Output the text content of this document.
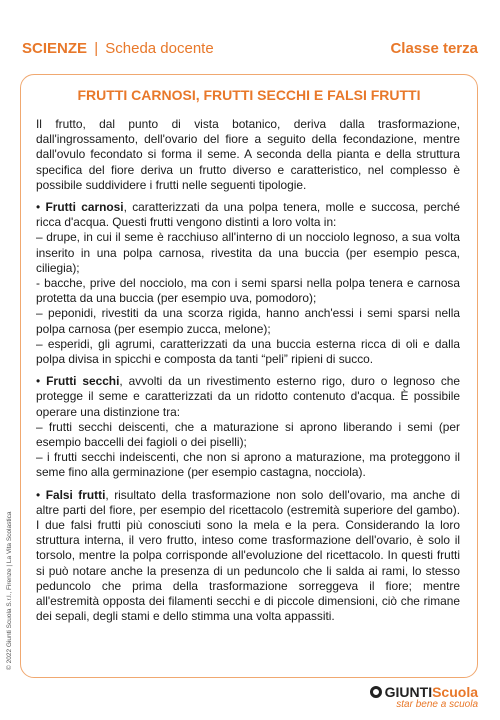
SCIENZE | Scheda docente	Classe terza
FRUTTI CARNOSI, FRUTTI SECCHI E FALSI FRUTTI

Il frutto, dal punto di vista botanico, deriva dalla trasformazione, dall'ingrossamento, dell'ovario del fiore a seguito della fecondazione, mentre dall'ovulo fecondato si forma il seme. A seconda della pianta e della struttura specifica del fiore deriva un frutto diverso e caratteristico, nel complesso è possibile suddividere i frutti nelle seguenti tipologie.

• Frutti carnosi, caratterizzati da una polpa tenera, molle e succosa, perché ricca d'acqua. Questi frutti vengono distinti a loro volta in:
– drupe, in cui il seme è racchiuso all'interno di un nocciolo legnoso, a sua volta inserito in una polpa carnosa, rivestita da una buccia (per esempio pesca, ciliegia);
- bacche, prive del nocciolo, ma con i semi sparsi nella polpa tenera e carnosa protetta da una buccia (per esempio uva, pomodoro);
– peponidi, rivestiti da una scorza rigida, hanno anch'essi i semi sparsi nella polpa carnosa (per esempio zucca, melone);
– esperidi, gli agrumi, caratterizzati da una buccia esterna ricca di oli e dalla polpa divisa in spicchi e composta da tanti “peli” ripieni di succo.

• Frutti secchi, avvolti da un rivestimento esterno rigo, duro o legnoso che protegge il seme e caratterizzati da un ridotto contenuto d'acqua. È possibile operare una distinzione tra:
– frutti secchi deiscenti, che a maturazione si aprono liberando i semi (per esempio baccelli dei fagioli o dei piselli);
– i frutti secchi indeiscenti, che non si aprono a maturazione, ma proteggono il seme fino alla germinazione (per esempio castagna, nocciola).

• Falsi frutti, risultato della trasformazione non solo dell'ovario, ma anche di altre parti del fiore, per esempio del ricettacolo (estremità superiore del gambo). I due falsi frutti più conosciuti sono la mela e la pera. Considerando la loro struttura interna, il vero frutto, inteso come trasformazione dell'ovario, è solo il torsolo, mentre la polpa corrisponde all'evoluzione del ricettacolo. In questi frutti si può notare anche la presenza di un peduncolo che li salda ai rami, lo stesso peduncolo che prima della trasformazione sorreggeva il fiore; mentre all'estremità opposta dei filamenti secchi e di piccole dimensioni, ciò che rimane dei sepali, degli stami e dello stimma una volta appassiti.

© 2022 Giunti Scuola S.r.l., Firenze | La Vita Scolastica
GIUNTIScuola
star bene a scuola
